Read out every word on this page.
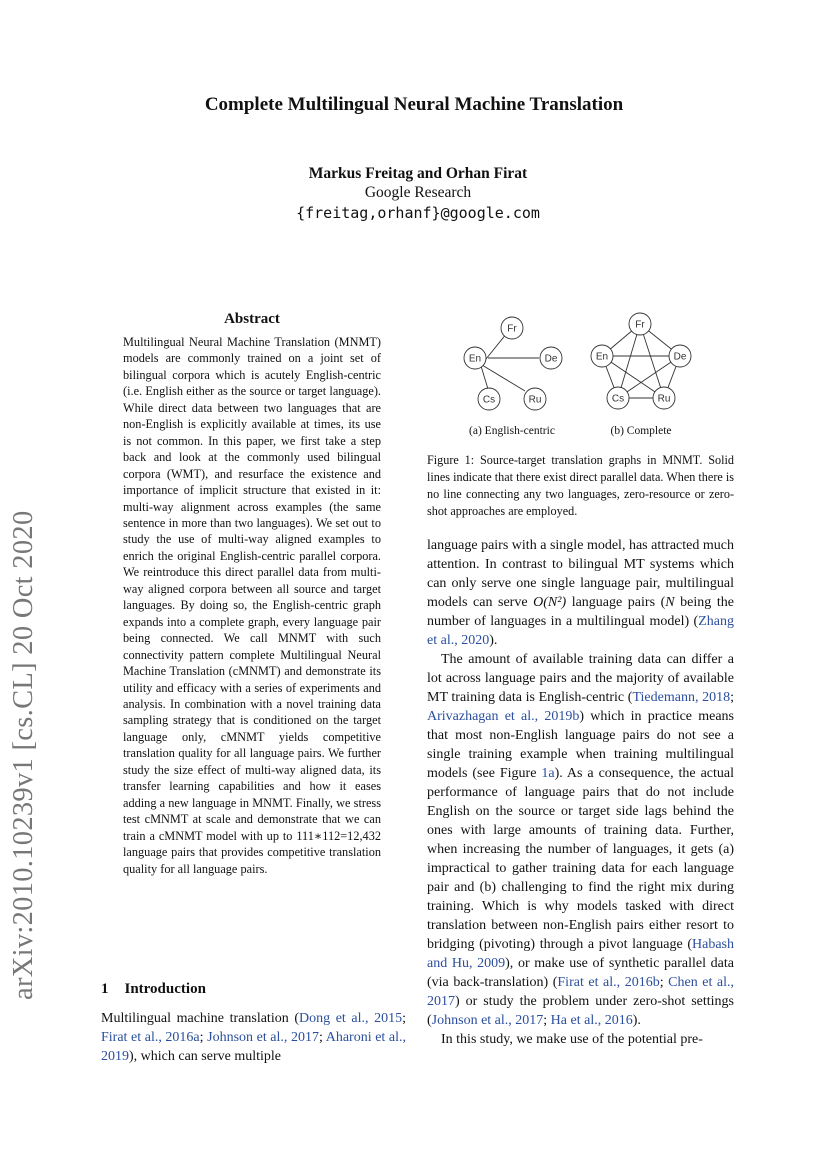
Complete Multilingual Neural Machine Translation
Markus Freitag and Orhan Firat
Google Research
{freitag,orhanf}@google.com
arXiv:2010.10239v1 [cs.CL] 20 Oct 2020
Abstract
Multilingual Neural Machine Translation (MNMT) models are commonly trained on a joint set of bilingual corpora which is acutely English-centric (i.e. English either as the source or target language). While direct data between two languages that are non-English is explicitly available at times, its use is not common. In this paper, we first take a step back and look at the commonly used bilingual corpora (WMT), and resurface the existence and importance of implicit structure that existed in it: multi-way alignment across examples (the same sentence in more than two languages). We set out to study the use of multi-way aligned examples to enrich the original English-centric parallel corpora. We reintroduce this direct parallel data from multi-way aligned corpora between all source and target languages. By doing so, the English-centric graph expands into a complete graph, every language pair being connected. We call MNMT with such connectivity pattern complete Multilingual Neural Machine Translation (cMNMT) and demonstrate its utility and efficacy with a series of experiments and analysis. In combination with a novel training data sampling strategy that is conditioned on the target language only, cMNMT yields competitive translation quality for all language pairs. We further study the size effect of multi-way aligned data, its transfer learning capabilities and how it eases adding a new language in MNMT. Finally, we stress test cMNMT at scale and demonstrate that we can train a cMNMT model with up to 111∗112=12,432 language pairs that provides competitive translation quality for all language pairs.
1 Introduction
Multilingual machine translation (Dong et al., 2015; Firat et al., 2016a; Johnson et al., 2017; Aharoni et al., 2019), which can serve multiple
Fr
En	De
Cs	Ru
(a) English-centric
Fr
En	De
Cs	Ru
(b) Complete
Figure 1: Source-target translation graphs in MNMT. Solid lines indicate that there exist direct parallel data. When there is no line connecting any two languages, zero-resource or zero-shot approaches are employed.

language pairs with a single model, has attracted much attention. In contrast to bilingual MT systems which can only serve one single language pair, multilingual models can serve O(N²) language pairs (N being the number of languages in a multilingual model) (Zhang et al., 2020).

The amount of available training data can differ a lot across language pairs and the majority of available MT training data is English-centric (Tiedemann, 2018; Arivazhagan et al., 2019b) which in practice means that most non-English language pairs do not see a single training example when training multilingual models (see Figure 1a). As a consequence, the actual performance of language pairs that do not include English on the source or target side lags behind the ones with large amounts of training data. Further, when increasing the number of languages, it gets (a) impractical to gather training data for each language pair and (b) challenging to find the right mix during training. Which is why models tasked with direct translation between non-English pairs either resort to bridging (pivoting) through a pivot language (Habash and Hu, 2009), or make use of synthetic parallel data (via back-translation) (Firat et al., 2016b; Chen et al., 2017) or study the problem under zero-shot settings (Johnson et al., 2017; Ha et al., 2016).

In this study, we make use of the potential pre-
